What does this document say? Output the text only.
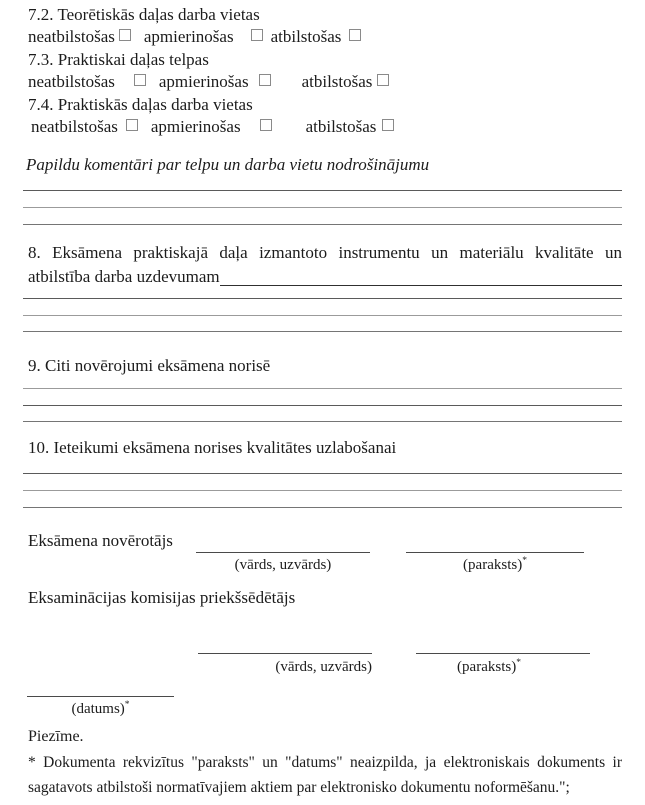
7.2. Teorētiskās daļas darba vietas
neatbilstošas apmierinošas atbilstošas
7.3. Praktiskai daļas telpas
neatbilstošas	apmierinošas	atbilstošas
7.4. Praktiskās daļas darba vietas
neatbilstošas apmierinošas	atbilstošas
Papildu komentāri par telpu un darba vietu nodrošinājumu
8. Eksāmena praktiskajā daļa izmantoto instrumentu un materiālu kvalitāte un
atbilstība darba uzdevumam
9. Citi novērojumi eksāmena norisē
10. Ieteikumi eksāmena norises kvalitātes uzlabošanai
Eksāmena novērotājs
(vārds, uzvārds)	(paraksts)*
Eksaminācijas komisijas priekšsēdētājs
(vārds, uzvārds)	(paraksts)*
(datums)*
Piezīme.
* Dokumenta rekvizītus "paraksts" un "datums" neaizpilda, ja elektroniskais dokuments ir
sagatavots atbilstoši normatīvajiem aktiem par elektronisko dokumentu noformēšanu.";
